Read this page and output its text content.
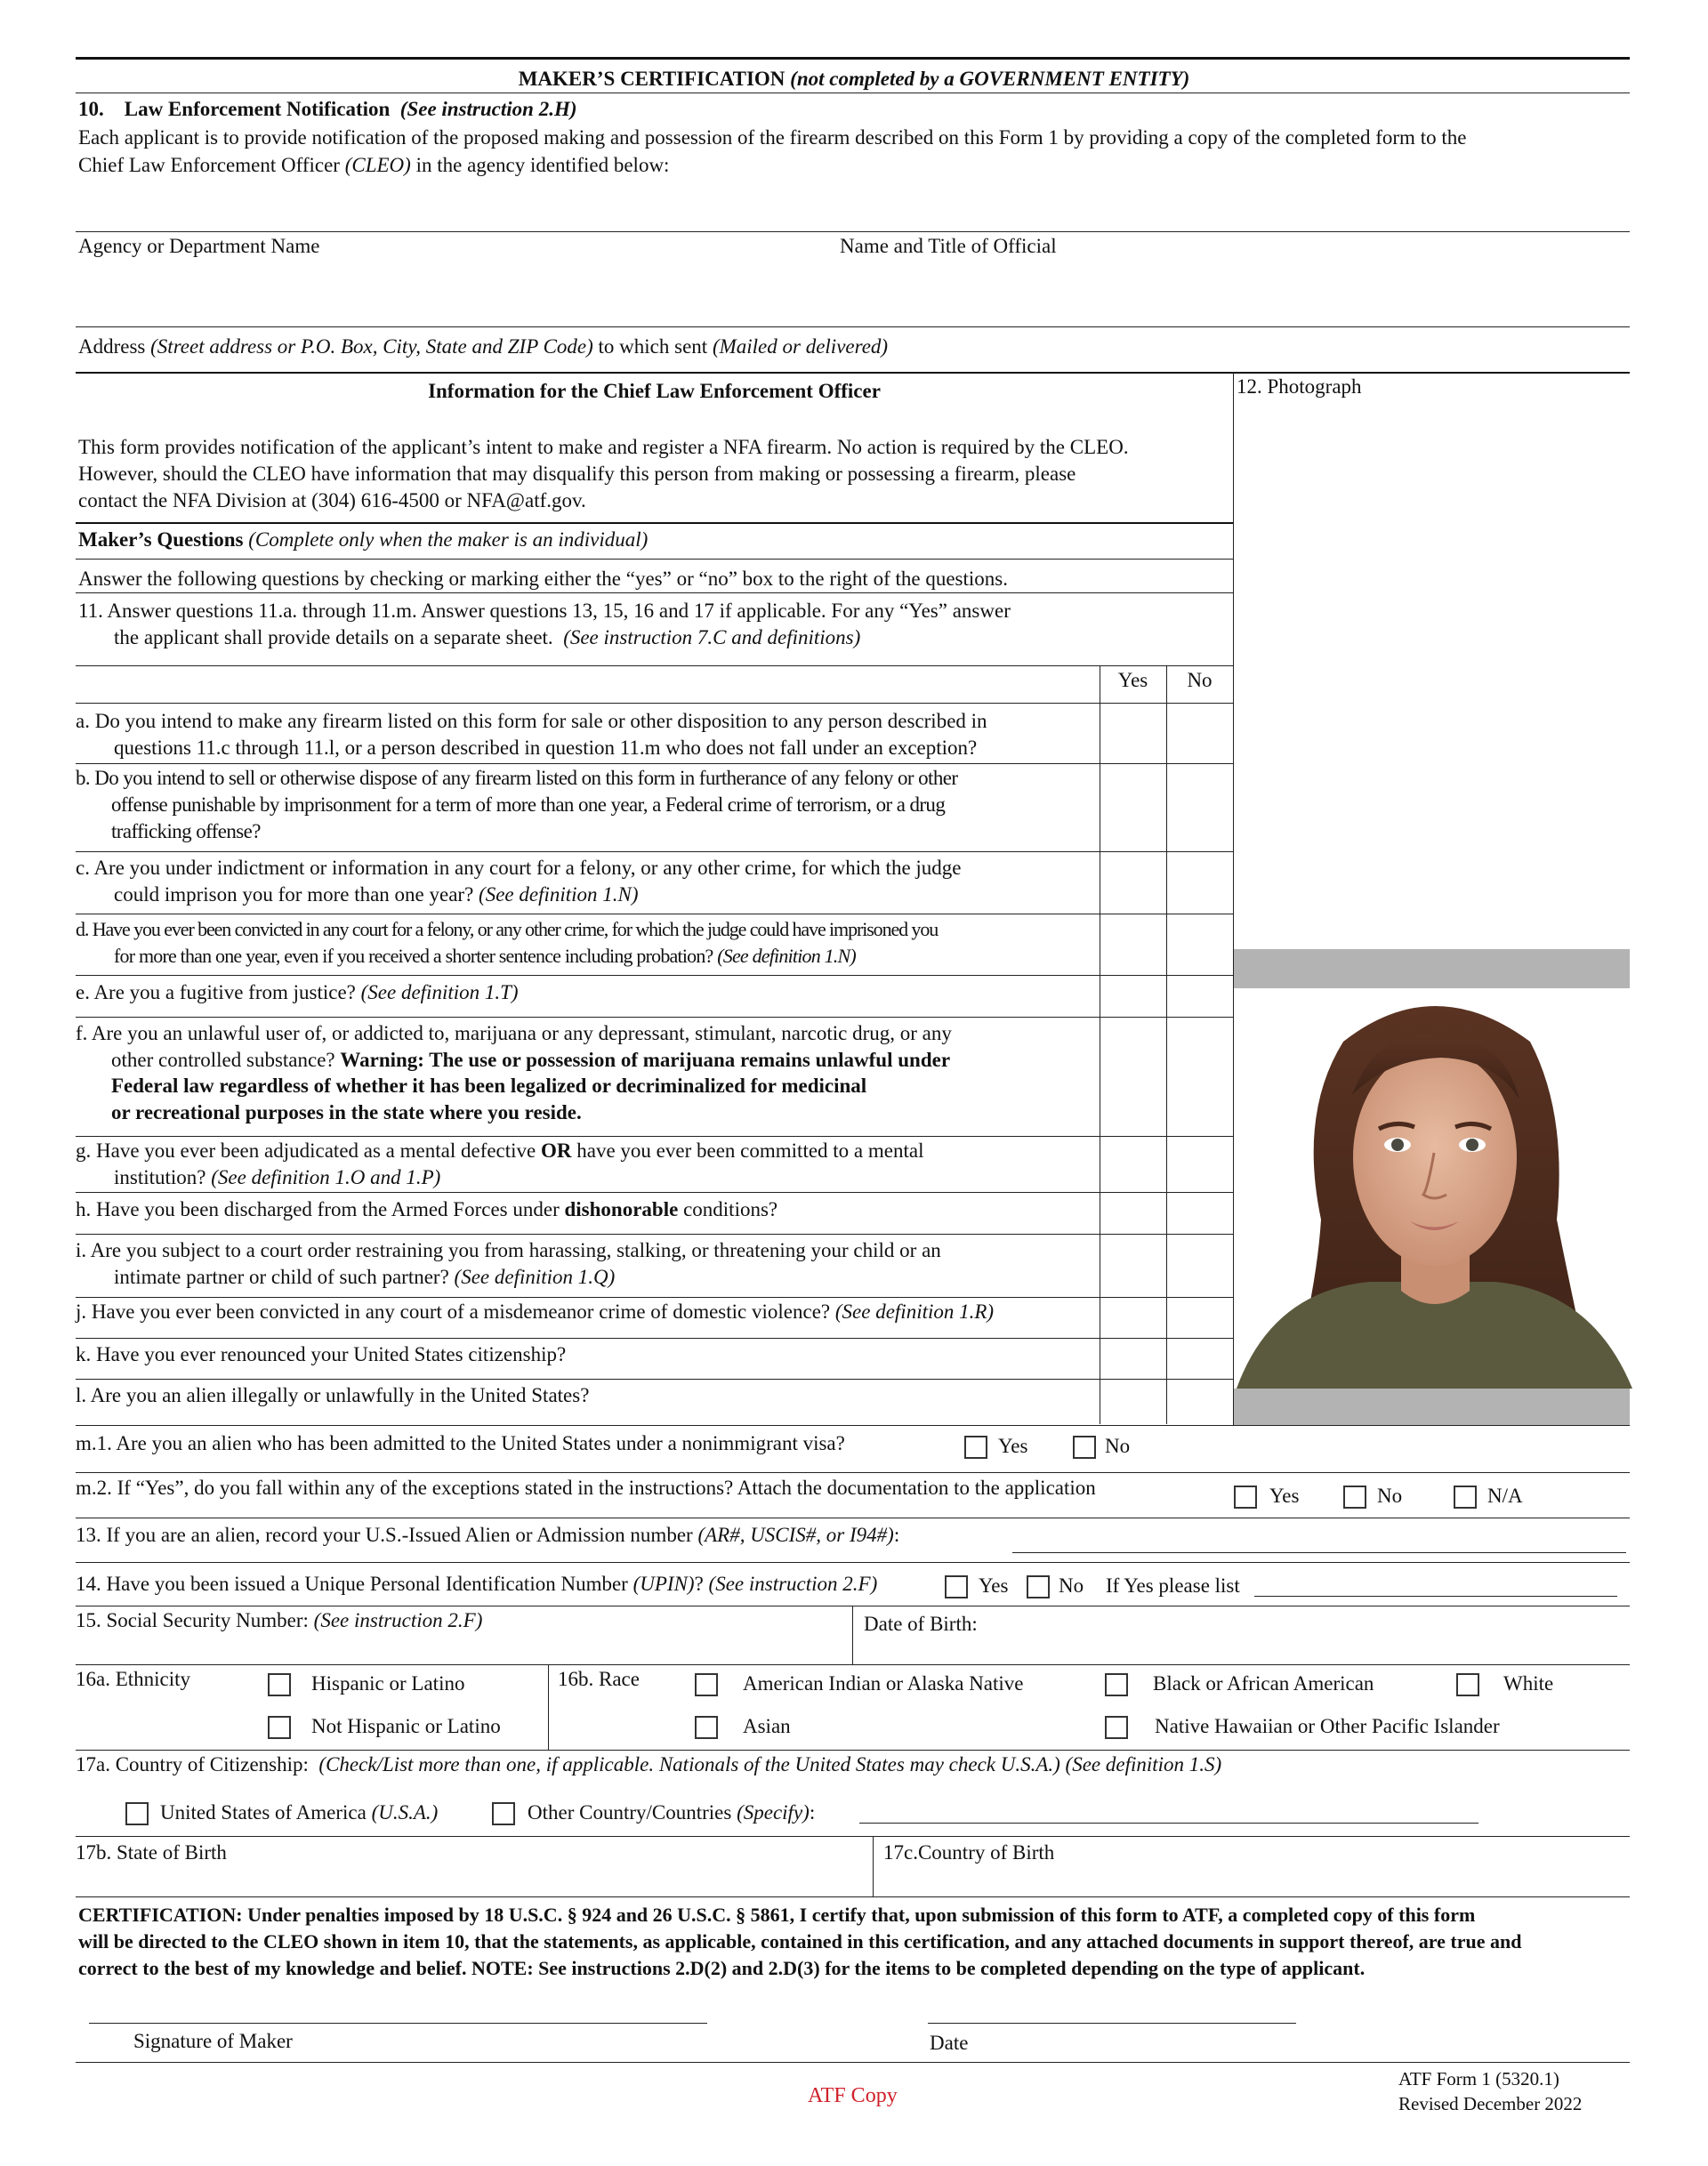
MAKER’S CERTIFICATION (not completed by a GOVERNMENT ENTITY)
10. Law Enforcement Notification (See instruction 2.H)
Each applicant is to provide notification of the proposed making and possession of the firearm described on this Form 1 by providing a copy of the completed form to the
Chief Law Enforcement Officer (CLEO) in the agency identified below:
Agency or Department Name	Name and Title of Official
Address (Street address or P.O. Box, City, State and ZIP Code) to which sent (Mailed or delivered)
12. Photograph
Information for the Chief Law Enforcement Officer
This form provides notification of the applicant’s intent to make and register a NFA firearm. No action is required by the CLEO.
However, should the CLEO have information that may disqualify this person from making or possessing a firearm, please
contact the NFA Division at (304) 616-4500 or NFA@atf.gov.
Maker’s Questions (Complete only when the maker is an individual)
Answer the following questions by checking or marking either the “yes” or “no” box to the right of the questions.
11. Answer questions 11.a. through 11.m. Answer questions 13, 15, 16 and 17 if applicable. For any “Yes” answer
the applicant shall provide details on a separate sheet. (See instruction 7.C and definitions)
Yes	No
a. Do you intend to make any firearm listed on this form for sale or other disposition to any person described in
questions 11.c through 11.l, or a person described in question 11.m who does not fall under an exception?
b. Do you intend to sell or otherwise dispose of any firearm listed on this form in furtherance of any felony or other
offense punishable by imprisonment for a term of more than one year, a Federal crime of terrorism, or a drug
trafficking offense?
c. Are you under indictment or information in any court for a felony, or any other crime, for which the judge
could imprison you for more than one year? (See definition 1.N)
d. Have you ever been convicted in any court for a felony, or any other crime, for which the judge could have imprisoned you
for more than one year, even if you received a shorter sentence including probation? (See definition 1.N)
e. Are you a fugitive from justice? (See definition 1.T)
f. Are you an unlawful user of, or addicted to, marijuana or any depressant, stimulant, narcotic drug, or any
other controlled substance? Warning: The use or possession of marijuana remains unlawful under
Federal law regardless of whether it has been legalized or decriminalized for medicinal
or recreational purposes in the state where you reside.
g. Have you ever been adjudicated as a mental defective OR have you ever been committed to a mental
institution? (See definition 1.O and 1.P)
h. Have you been discharged from the Armed Forces under dishonorable conditions?
i. Are you subject to a court order restraining you from harassing, stalking, or threatening your child or an
intimate partner or child of such partner? (See definition 1.Q)
j. Have you ever been convicted in any court of a misdemeanor crime of domestic violence? (See definition 1.R)
k. Have you ever renounced your United States citizenship?
l. Are you an alien illegally or unlawfully in the United States?
m.1. Are you an alien who has been admitted to the United States under a nonimmigrant visa?	Yes	No
m.2. If “Yes”, do you fall within any of the exceptions stated in the instructions? Attach the documentation to the application	Yes	No	N/A
13. If you are an alien, record your U.S.-Issued Alien or Admission number (AR#, USCIS#, or I94#):
14. Have you been issued a Unique Personal Identification Number (UPIN)? (See instruction 2.F)	Yes No If Yes please list
15. Social Security Number: (See instruction 2.F)	Date of Birth:
16a. Ethnicity	Hispanic or Latino
Not Hispanic or Latino
16b. Race	American Indian or Alaska Native	Black or African American	White
Asian	Native Hawaiian or Other Pacific Islander
17a. Country of Citizenship: (Check/List more than one, if applicable. Nationals of the United States may check U.S.A.) (See definition 1.S)
United States of America (U.S.A.)	Other Country/Countries (Specify):
17b. State of Birth	17c.Country of Birth
CERTIFICATION: Under penalties imposed by 18 U.S.C. § 924 and 26 U.S.C. § 5861, I certify that, upon submission of this form to ATF, a completed copy of this form
will be directed to the CLEO shown in item 10, that the statements, as applicable, contained in this certification, and any attached documents in support thereof, are true and
correct to the best of my knowledge and belief. NOTE: See instructions 2.D(2) and 2.D(3) for the items to be completed depending on the type of applicant.
Signature of Maker	Date
ATF Copy
ATF Form 1 (5320.1)
Revised December 2022
